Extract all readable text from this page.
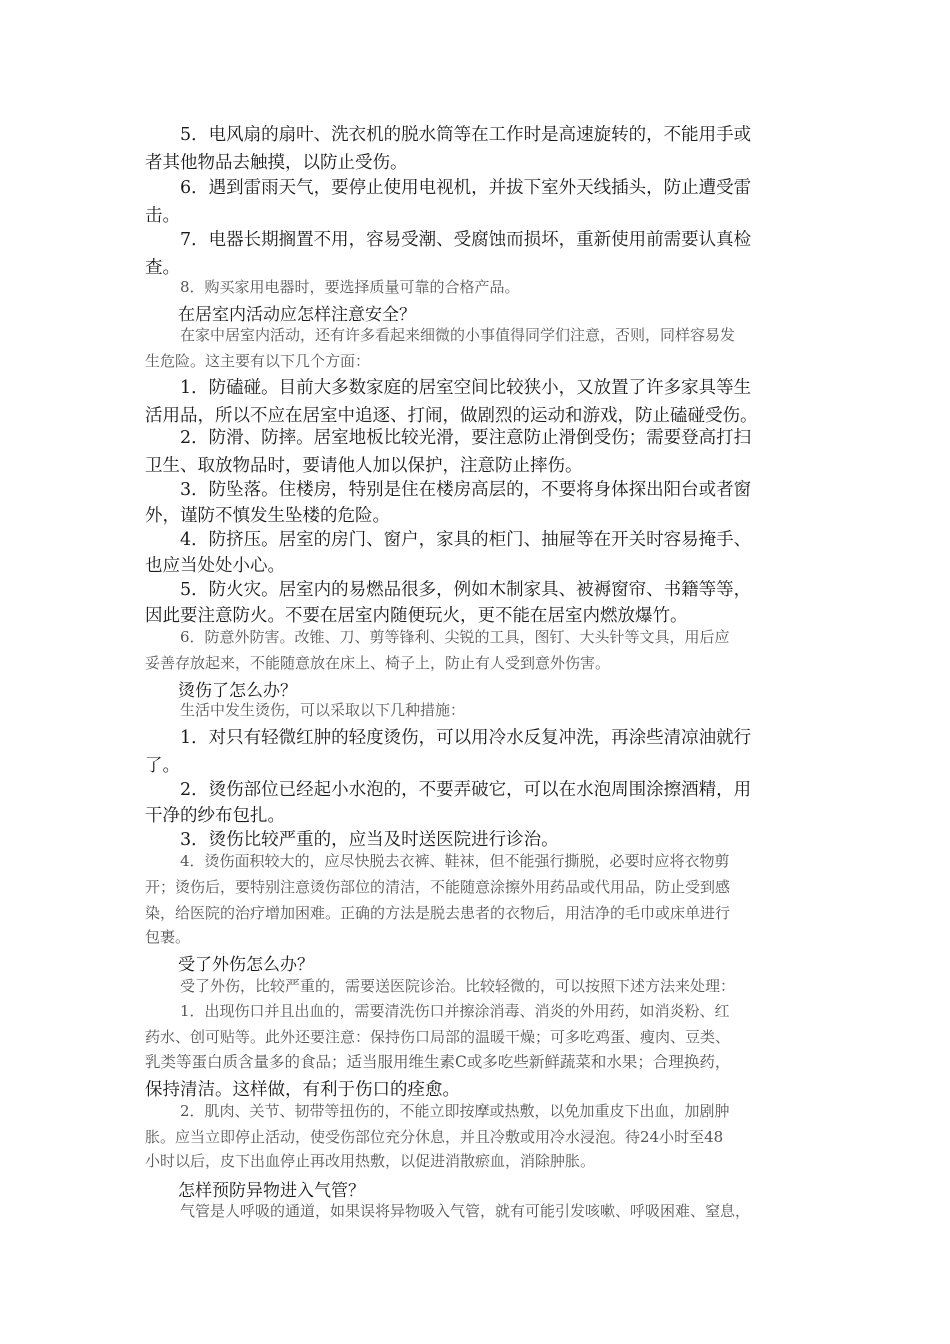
5．电风扇的扇叶、洗衣机的脱水筒等在工作时是高速旋转的，不能用手或
者其他物品去触摸，以防止受伤。
6．遇到雷雨天气，要停止使用电视机，并拔下室外天线插头，防止遭受雷
击。
7．电器长期搁置不用，容易受潮、受腐蚀而损坏，重新使用前需要认真检
查。
8．购买家用电器时，要选择质量可靠的合格产品。
在居室内活动应怎样注意安全？
在家中居室内活动，还有许多看起来细微的小事值得同学们注意，否则，同样容易发
生危险。这主要有以下几个方面：
1．防磕碰。目前大多数家庭的居室空间比较狭小，又放置了许多家具等生
活用品，所以不应在居室中追逐、打闹，做剧烈的运动和游戏，防止磕碰受伤。
2．防滑、防摔。居室地板比较光滑，要注意防止滑倒受伤；需要登高打扫
卫生、取放物品时，要请他人加以保护，注意防止摔伤。
3．防坠落。住楼房，特别是住在楼房高层的，不要将身体探出阳台或者窗
外，谨防不慎发生坠楼的危险。
4．防挤压。居室的房门、窗户，家具的柜门、抽屉等在开关时容易掩手、
也应当处处小心。
5．防火灾。居室内的易燃品很多，例如木制家具、被褥窗帘、书籍等等，
因此要注意防火。不要在居室内随便玩火，更不能在居室内燃放爆竹。
6．防意外防害。改锥、刀、剪等锋利、尖锐的工具，图钉、大头针等文具，用后应
妥善存放起来，不能随意放在床上、椅子上，防止有人受到意外伤害。
烫伤了怎么办？
生活中发生烫伤，可以采取以下几种措施：
1．对只有轻微红肿的轻度烫伤，可以用冷水反复冲洗，再涂些清凉油就行
了。
2．烫伤部位已经起小水泡的，不要弄破它，可以在水泡周围涂擦酒精，用
干净的纱布包扎。
3．烫伤比较严重的，应当及时送医院进行诊治。
4．烫伤面积较大的，应尽快脱去衣裤、鞋袜，但不能强行撕脱，必要时应将衣物剪
开；烫伤后，要特别注意烫伤部位的清洁，不能随意涂擦外用药品或代用品，防止受到感
染，给医院的治疗增加困难。正确的方法是脱去患者的衣物后，用洁净的毛巾或床单进行
包裹。
受了外伤怎么办？
受了外伤，比较严重的，需要送医院诊治。比较轻微的，可以按照下述方法来处理：
1．出现伤口并且出血的，需要清洗伤口并擦涂消毒、消炎的外用药，如消炎粉、红
药水、创可贴等。此外还要注意：保持伤口局部的温暖干燥；可多吃鸡蛋、瘦肉、豆类、
乳类等蛋白质含量多的食品；适当服用维生素C或多吃些新鲜蔬菜和水果；合理换药，
保持清洁。这样做，有利于伤口的痊愈。
2．肌肉、关节、韧带等扭伤的，不能立即按摩或热敷，以免加重皮下出血，加剧肿
胀。应当立即停止活动，使受伤部位充分休息，并且冷敷或用冷水浸泡。待24小时至48
小时以后，皮下出血停止再改用热敷，以促进消散瘀血，消除肿胀。
怎样预防异物进入气管？
气管是人呼吸的通道，如果误将异物吸入气管，就有可能引发咳嗽、呼吸困难、窒息，
